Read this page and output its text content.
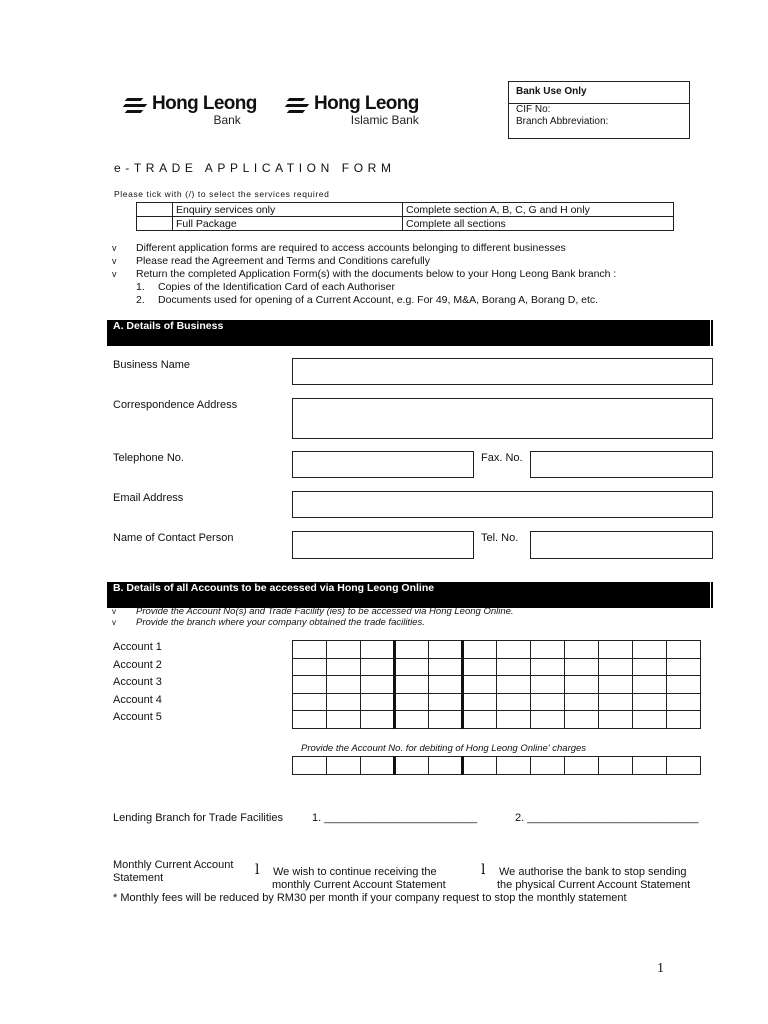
Hong Leong
Bank
Hong Leong
Islamic Bank
Bank Use Only
CIF No:
Branch Abbreviation:
e-TRADE APPLICATION FORM
Please tick with (/) to select the services required
	Enquiry services only	Complete section A, B, C, G and H only
	Full Package	Complete all sections
v Different application forms are required to access accounts belonging to different businesses
v Please read the Agreement and Terms and Conditions carefully
v Return the completed Application Form(s) with the documents below to your Hong Leong Bank branch :
1. Copies of the Identification Card of each Authoriser
2. Documents used for opening of a Current Account, e.g. For 49, M&A, Borang A, Borang D, etc.
A. Details of Business
Business Name
Correspondence Address
Telephone No.	Fax. No.
Email Address
Name of Contact Person	Tel. No.
B. Details of all Accounts to be accessed via Hong Leong Online
v Provide the Account No(s) and Trade Facility (ies) to be accessed via Hong Leong Online.
v Provide the branch where your company obtained the trade facilities.
Account 1
Account 2
Account 3
Account 4
Account 5

Provide the Account No. for debiting of Hong Leong Online' charges

Lending Branch for Trade Facilities	1. _________________________	2. ____________________________
Monthly Current Account
Statement	l We wish to continue receiving the
monthly Current Account Statement
l We authorise the bank to stop sending
the physical Current Account Statement
* Monthly fees will be reduced by RM30 per month if your company request to stop the monthly statement
1
